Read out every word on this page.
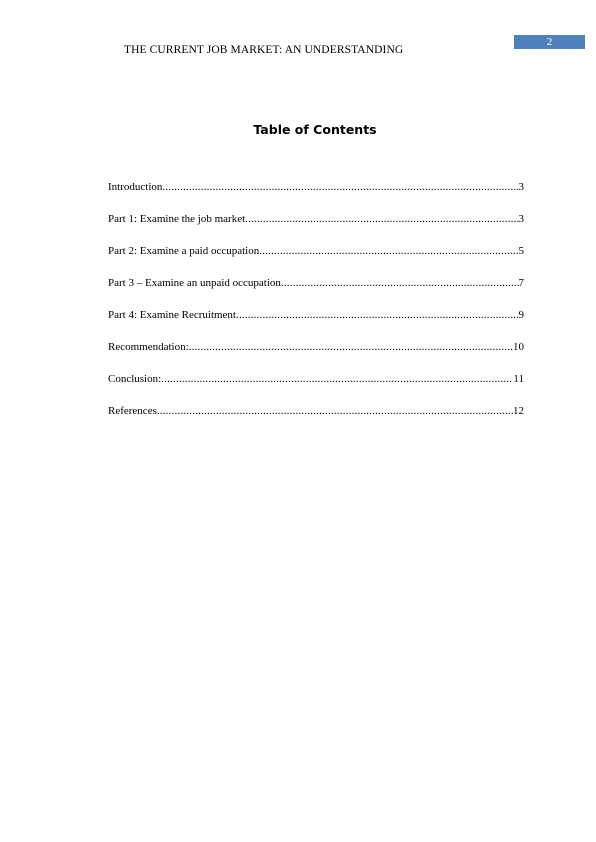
THE CURRENT JOB MARKET: AN UNDERSTANDING
2
Table of Contents
Introduction .....	3
Part 1: Examine the job market .....	3
Part 2: Examine a paid occupation .....	5
Part 3 – Examine an unpaid occupation .....	7
Part 4: Examine Recruitment .....	9
Recommendation: .....	10
Conclusion: .....	11
References .....	12
